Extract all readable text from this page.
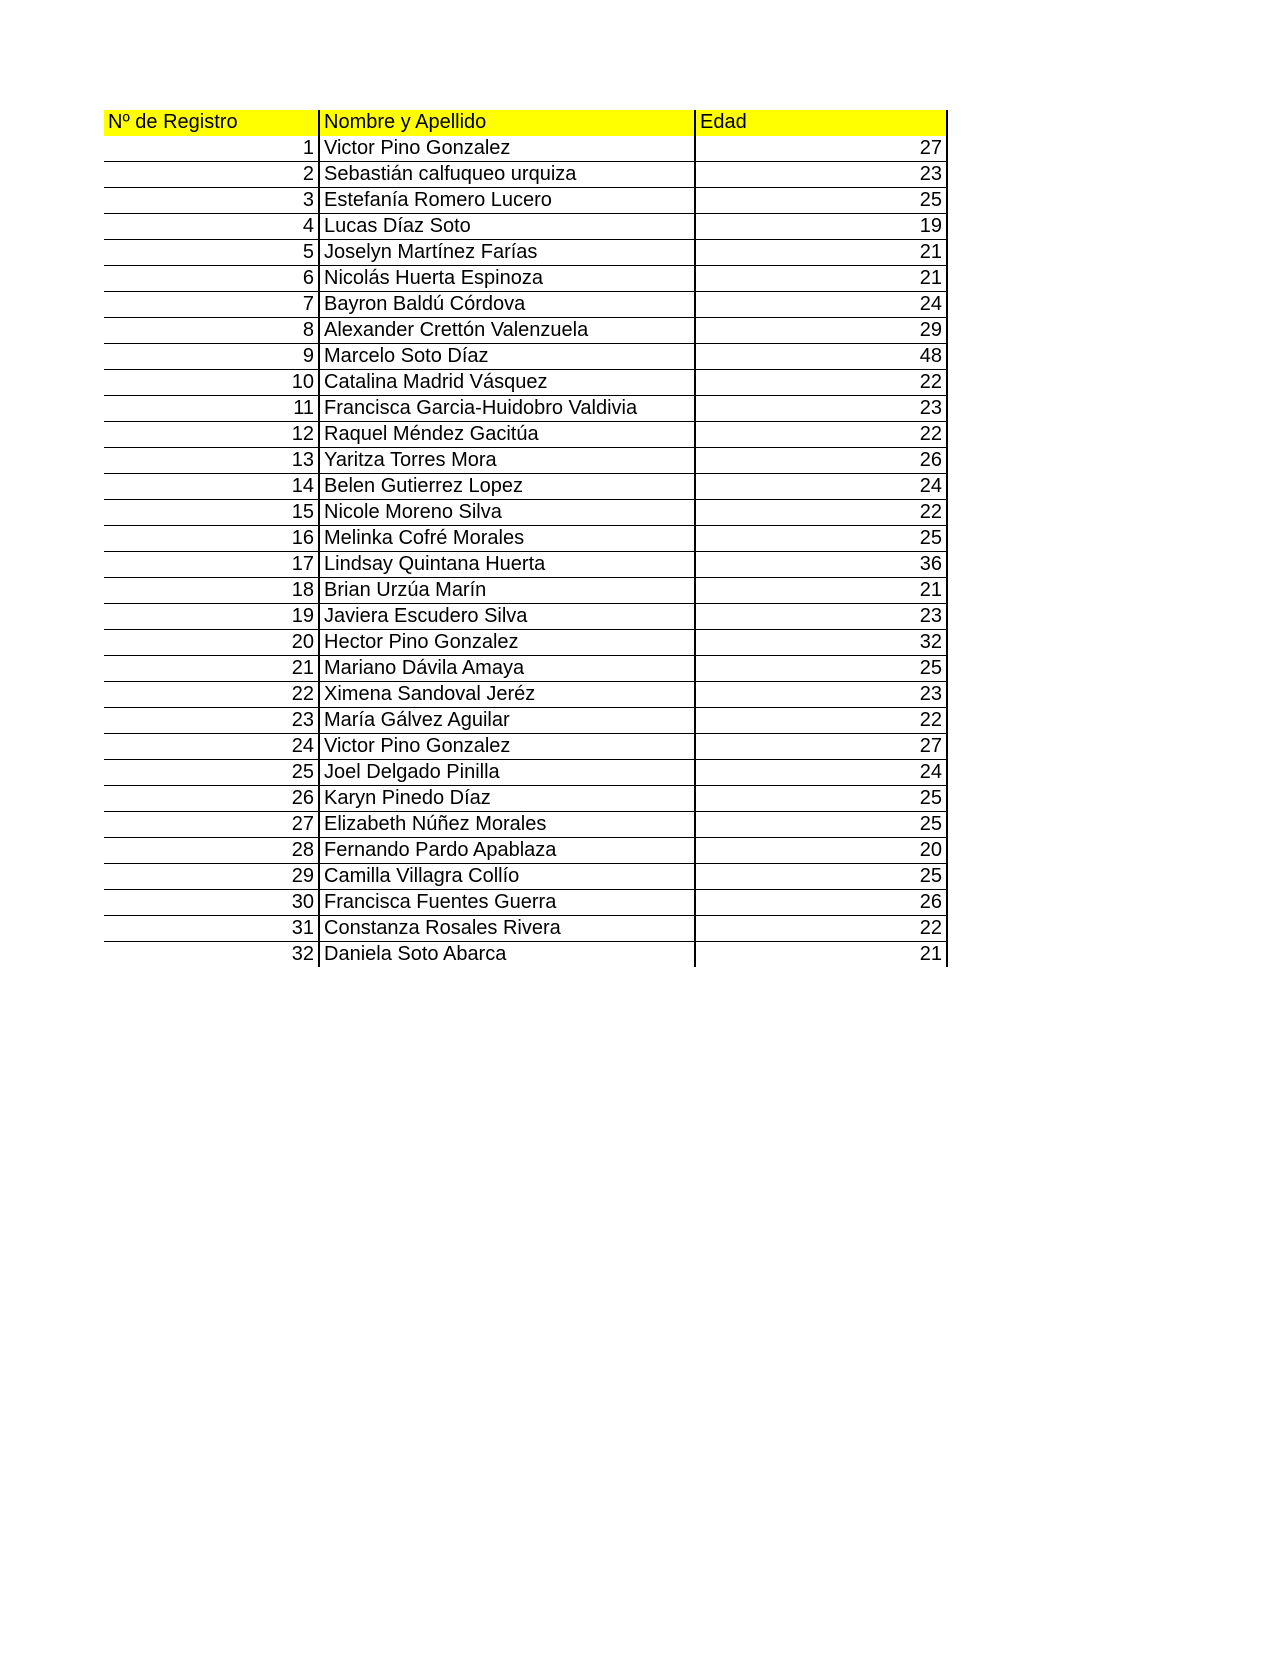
Nº de Registro	Nombre y Apellido	Edad
1	Victor Pino Gonzalez	27
2	Sebastián calfuqueo urquiza	23
3	Estefanía Romero Lucero	25
4	Lucas Díaz Soto	19
5	Joselyn Martínez Farías	21
6	Nicolás Huerta Espinoza	21
7	Bayron Baldú Córdova	24
8	Alexander Crettón Valenzuela	29
9	Marcelo Soto Díaz	48
10	Catalina Madrid Vásquez	22
11	Francisca Garcia-Huidobro Valdivia	23
12	Raquel Méndez Gacitúa	22
13	Yaritza Torres Mora	26
14	Belen Gutierrez Lopez	24
15	Nicole Moreno Silva	22
16	Melinka Cofré Morales	25
17	Lindsay Quintana Huerta	36
18	Brian Urzúa Marín	21
19	Javiera Escudero Silva	23
20	Hector Pino Gonzalez	32
21	Mariano Dávila Amaya	25
22	Ximena Sandoval Jeréz	23
23	María Gálvez Aguilar	22
24	Victor Pino Gonzalez	27
25	Joel Delgado Pinilla	24
26	Karyn Pinedo Díaz	25
27	Elizabeth Núñez Morales	25
28	Fernando Pardo Apablaza	20
29	Camilla Villagra Collío	25
30	Francisca Fuentes Guerra	26
31	Constanza Rosales Rivera	22
32	Daniela Soto Abarca	21
